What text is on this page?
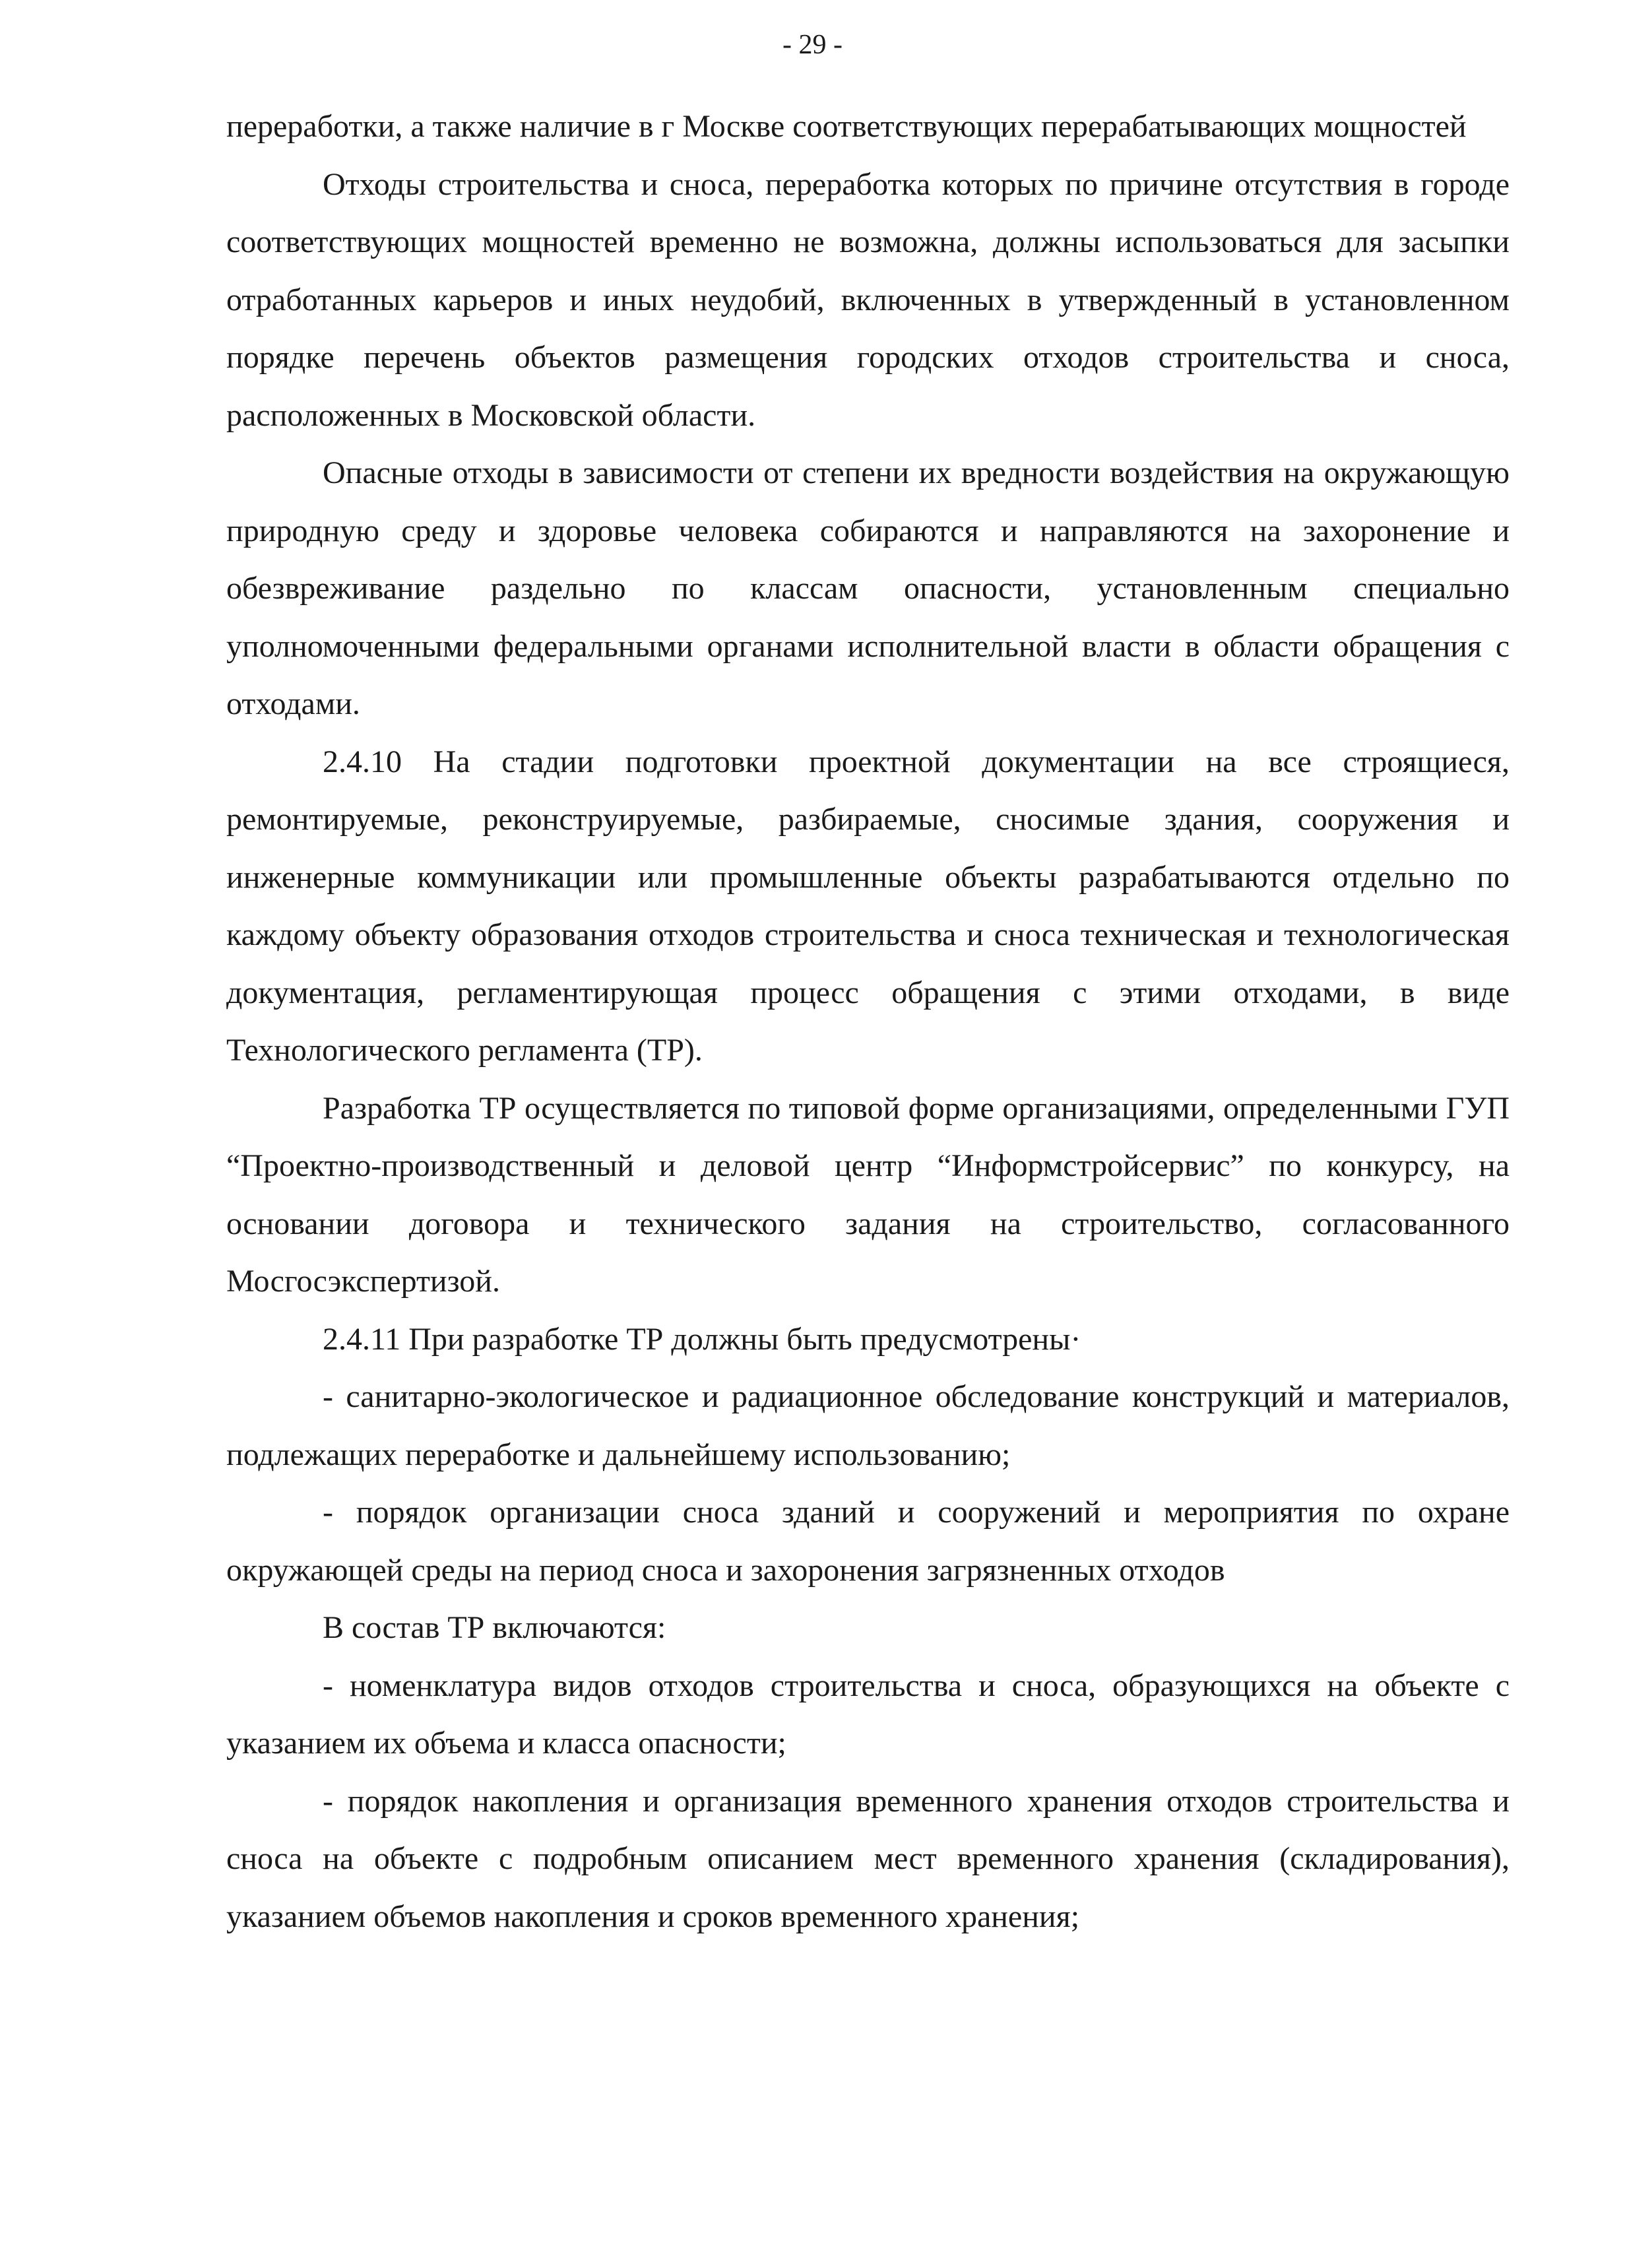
- 29 -

переработки, а также наличие в г Москве соответствующих перерабатывающих мощностей

Отходы строительства и сноса, переработка которых по причине отсутствия в городе соответствующих мощностей временно не возможна, должны использоваться для засыпки отработанных карьеров и иных неудобий, включенных в утвержденный в установленном порядке перечень объектов размещения городских отходов строительства и сноса, расположенных в Московской области.

Опасные отходы в зависимости от степени их вредности воздействия на окружающую природную среду и здоровье человека собираются и направляются на захоронение и обезвреживание раздельно по классам опасности, установленным специально уполномоченными федеральными органами исполнительной власти в области обращения с отходами.

2.4.10 На стадии подготовки проектной документации на все строящиеся, ремонтируемые, реконструируемые, разбираемые, сносимые здания, сооружения и инженерные коммуникации или промышленные объекты разрабатываются отдельно по каждому объекту образования отходов строительства и сноса техническая и технологическая документация, регламентирующая процесс обращения с этими отходами, в виде Технологического регламента (ТР).

Разработка ТР осуществляется по типовой форме организациями, определенными ГУП “Проектно-производственный и деловой центр “Информстройсервис” по конкурсу, на основании договора и технического задания на строительство, согласованного Мосгосэкспертизой.

2.4.11 При разработке ТР должны быть предусмотрены·

- санитарно-экологическое и радиационное обследование конструкций и материалов, подлежащих переработке и дальнейшему использованию;

- порядок организации сноса зданий и сооружений и мероприятия по охране окружающей среды на период сноса и захоронения загрязненных отходов

В состав ТР включаются:

- номенклатура видов отходов строительства и сноса, образующихся на объекте с указанием их объема и класса опасности;

- порядок накопления и организация временного хранения отходов строительства и сноса на объекте с подробным описанием мест временного хранения (складирования), указанием объемов накопления и сроков временного хранения;
